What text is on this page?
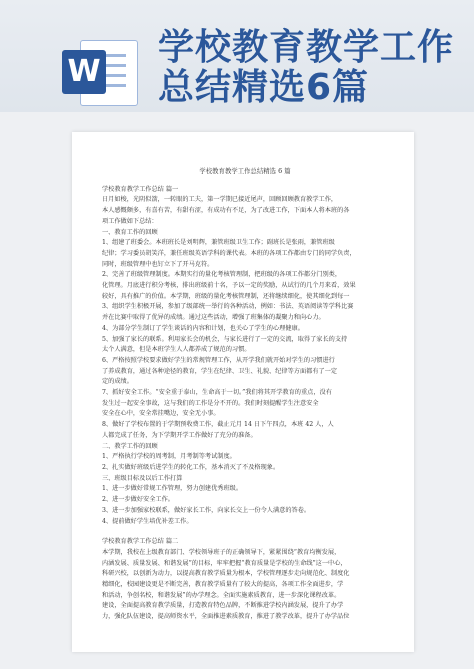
W
学校教育教学工作总结精选6篇
学校教育教学工作总结精选 6 篇

学校教育教学工作总结 篇一

日月如梭，光阴似箭，一转眼的工夫，第一学期已接近尾声，回顾回顾教育教学工作，

本人感慨颇多，有喜有苦，有甜有涩，有成功有不足，为了改进工作，下面本人将本班的各

项工作做如下总结：

一、教育工作的回顾

1、组建了班委会。本班班长是刘明辉，兼管班级卫生工作；副班长是张雨，兼管班级

纪律；学习委员胡笑洋，兼任班级英语学科的课代表。本班的各项工作都由专门的同学负责，

同时，班级管理中也钉立下了开马克符。

2、完善了班级管理制度。本期实行的量化考核管理制，把班级的各项工作都分门别类，

化管理。月底进行积分考核，排出班级前十名，予以一定的奖励，从试行的几个月来看，效果

较好，具有推广的价值。本学期，班级的量化考核管理制，还将继续细化，使其细化到每一

3、组织学生积极开展，参加了级部统一举行的各种活动，例如：书法、英语阅读等学科比赛

并在比赛中取得了优异的成绩。通过这些活动，增强了班集体的凝聚力和向心力。

4、为部分学生制订了学生谈话的内容和计划，也关心了学生的心理健康。

5、加强了家长的联系。利用家长会的机会，与家长进行了一定的交流，取得了家长的支持

太个人满意，但是本班学生人人都养成了规范的习惯。

6、严格按照学校要求做好学生的常规管理工作，从开学我们就开始对学生的习惯进行

了养成教育，通过各种途径的教育，学生在纪律、卫生、礼貌、纪律等方面都有了一定

定的成绩。

7、抓好安全工作。“安全重于泰山，生命高于一切。”我们将其开学教育的重点，没有

发生过一起安全事故，这与我们的工作是分不开的。我们时刻提醒学生注意安全

安全在心中，安全常挂嘴边，安全无小事。

8、做好了学校布置的于学期预收费工作，截止元月 14 日下午四点，本班 42 人，人

人都完成了任务，为下学期开学工作做好了充分的准备。

二、教学工作的回顾

1、严格执行学校的周考制，月考制等考试制度。

2、扎实做好班级后进学生的转化工作，基本消灭了不及格现象。

三、班级目标及以后工作打算

1、进一步做好常规工作管理，努力创建优秀班级。

2、进一步做好安全工作。

3、进一步加强家校联系，做好家长工作，向家长交上一份令人满意的答卷。

4、提前做好学生培优补差工作。

学校教育教学工作总结 篇二

本学期，我校在上级教育部门、学校领导班子的正确领导下，紧紧围绕“教育均衡发展，

内涵发展、质量发展、和谐发展”的目标，牢牢把握“教育质量是学校的生命线”这一中心，

科研兴校，以创新为动力，以提高教育教学质量为根本，学校管理逐步走向规范化、制度化

精细化，校园建设更是不断完善，教育教学质量有了较大的提高，各项工作全面进步，学

和活动，争创名校，和谐发展”的办学理念。全面实施素质教育，进一步深化课程改革。

建设，全面提高教育教学质量，打造教育特色品牌，不断推进学校内涵发展，提升了办学

力，强化队伍建设，提高师资水平，全面推进素质教育，推进了教学改革，提升了办学品位
